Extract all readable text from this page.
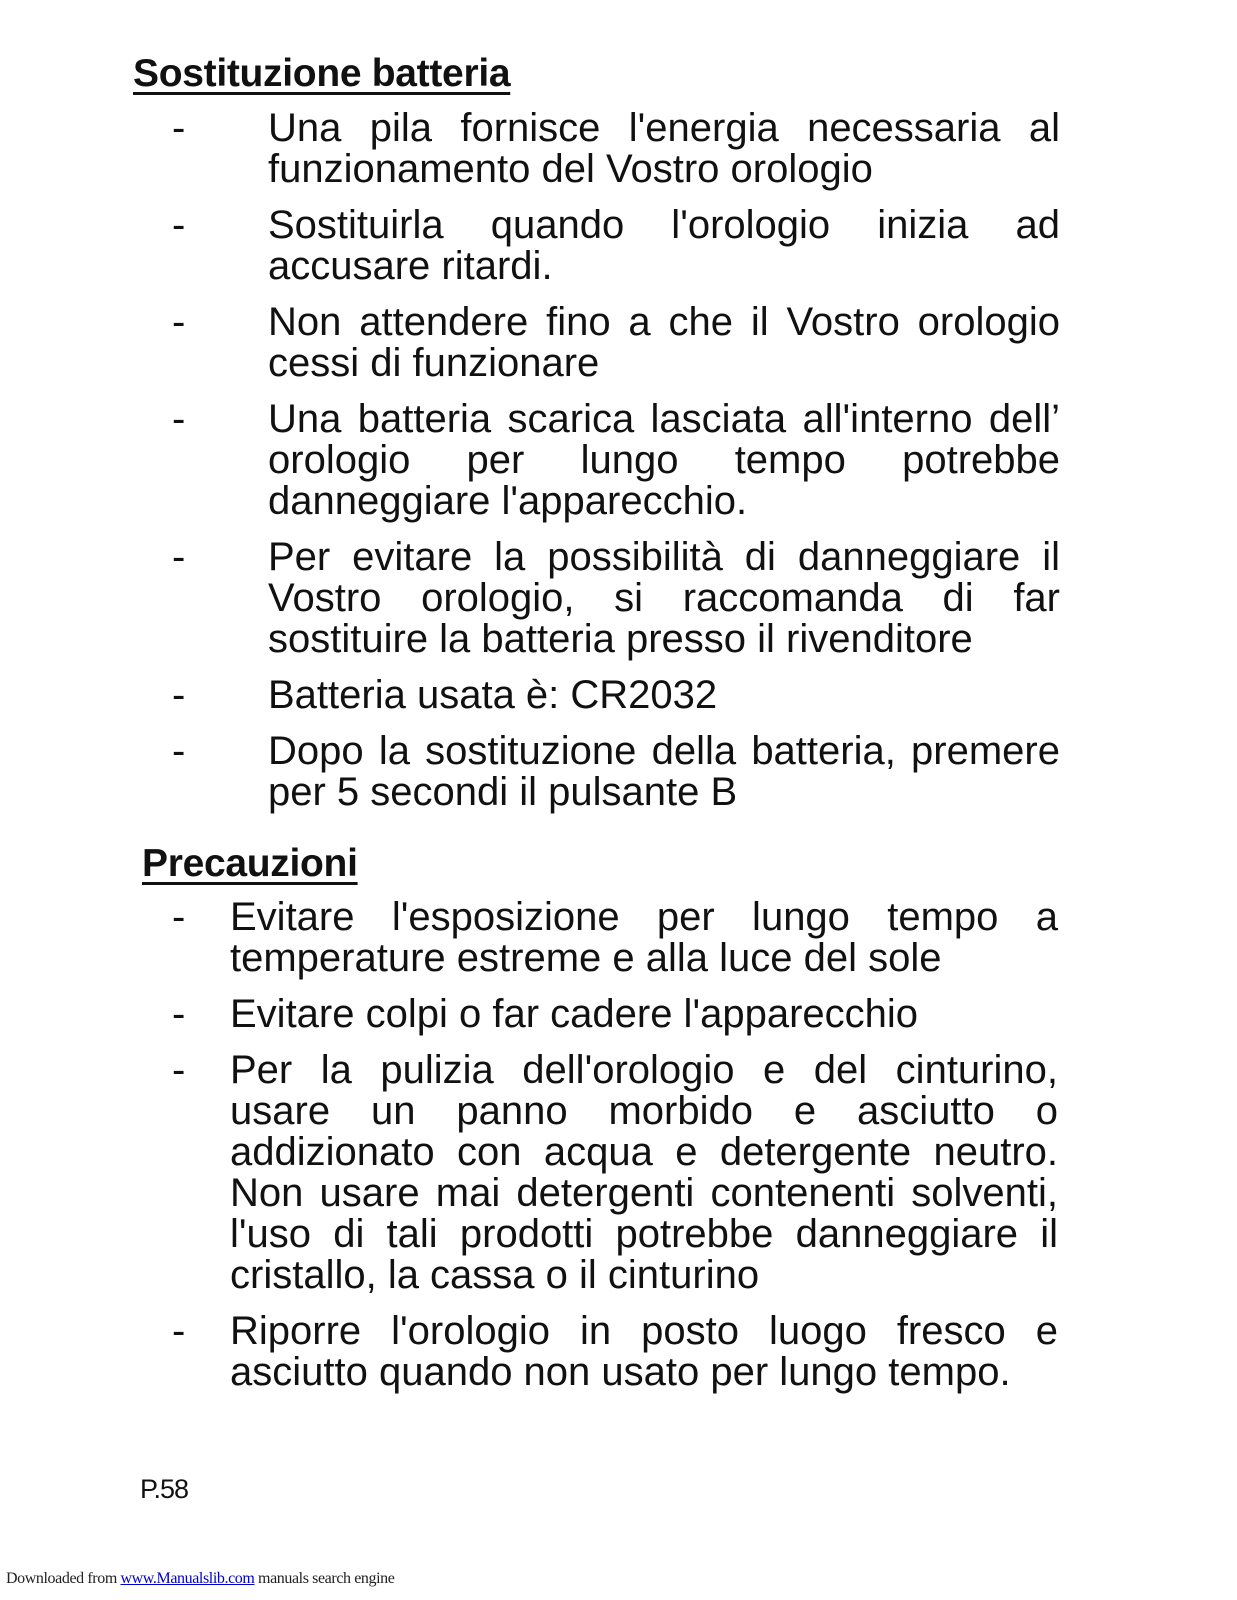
Sostituzione batteria
- Una pila fornisce l'energia necessaria al funzionamento del Vostro orologio
- Sostituirla quando l'orologio inizia ad accusare ritardi.
- Non attendere fino a che il Vostro orologio cessi di funzionare
- Una batteria scarica lasciata all'interno dell’ orologio per lungo tempo potrebbe danneggiare l'apparecchio.
- Per evitare la possibilità di danneggiare il Vostro orologio, si raccomanda di far sostituire la batteria presso il rivenditore
- Batteria usata è: CR2032
- Dopo la sostituzione della batteria, premere per 5 secondi il pulsante B
Precauzioni
- Evitare l'esposizione per lungo tempo a temperature estreme e alla luce del sole
- Evitare colpi o far cadere l'apparecchio
- Per la pulizia dell'orologio e del cinturino, usare un panno morbido e asciutto o addizionato con acqua e detergente neutro. Non usare mai detergenti contenenti solventi, l'uso di tali prodotti potrebbe danneggiare il cristallo, la cassa o il cinturino
- Riporre l'orologio in posto luogo fresco e asciutto quando non usato per lungo tempo.
P.58
Downloaded from www.Manualslib.com manuals search engine
